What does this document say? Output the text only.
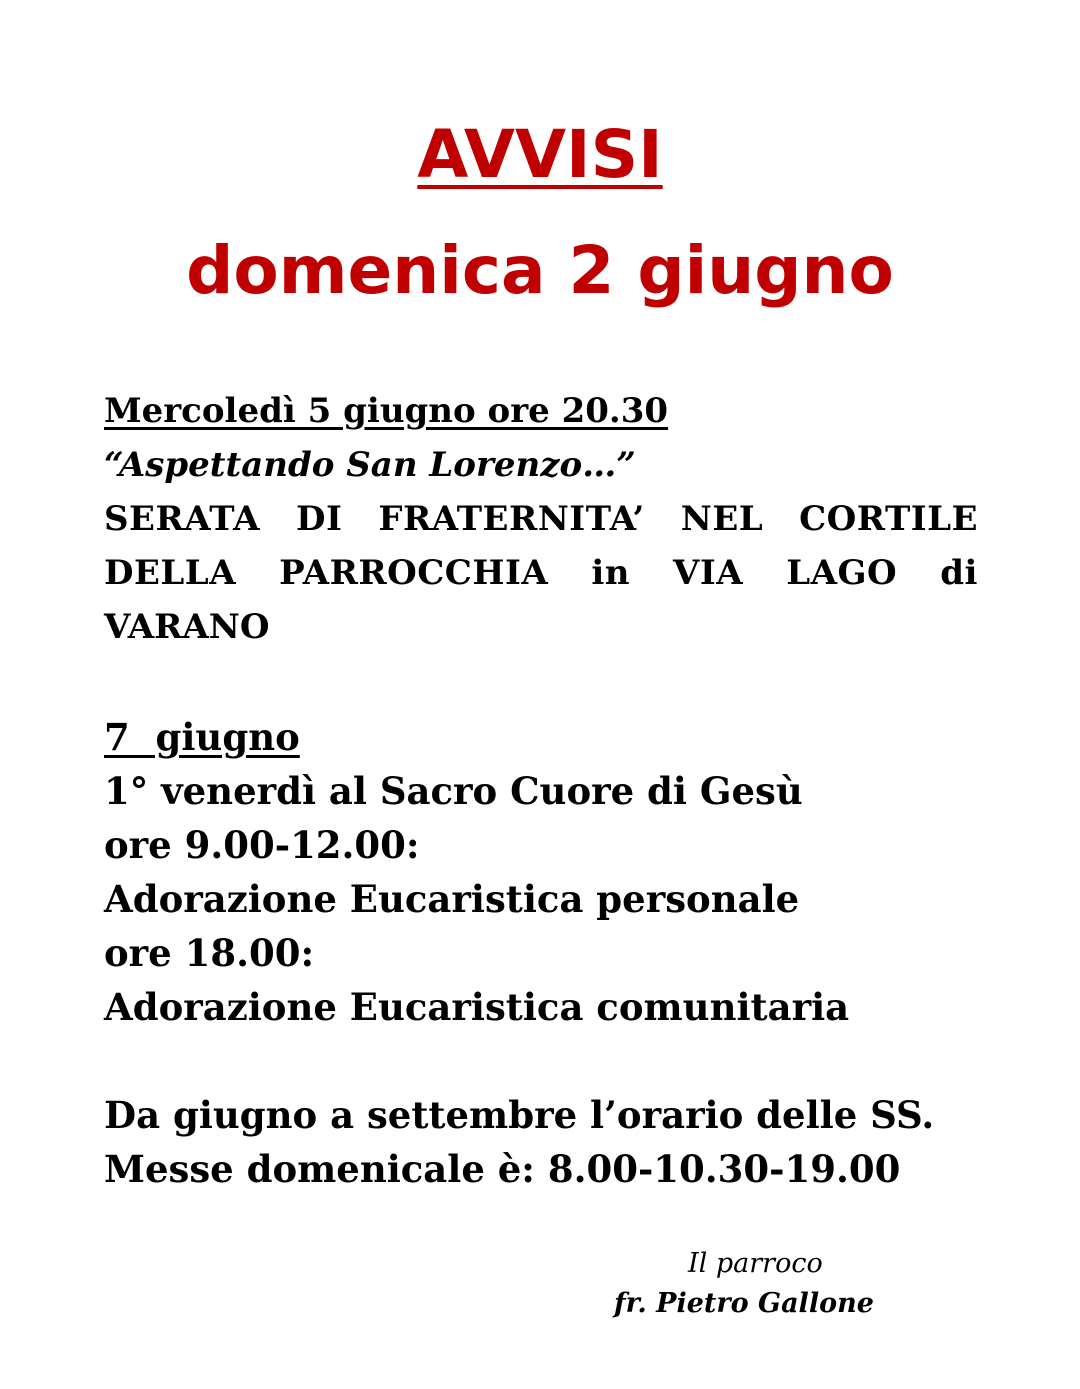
AVVISI
domenica 2 giugno
Mercoledì 5 giugno ore 20.30
“Aspettando San Lorenzo…”
SERATA DI FRATERNITA’ NEL CORTILE
DELLA PARROCCHIA in VIA LAGO di
VARANO
7  giugno
1° venerdì al Sacro Cuore di Gesù
ore 9.00-12.00:
Adorazione Eucaristica personale
ore 18.00:
Adorazione Eucaristica comunitaria
Da giugno a settembre l’orario delle SS.
Messe domenicale è: 8.00-10.30-19.00
Il parroco
fr. Pietro Gallone
